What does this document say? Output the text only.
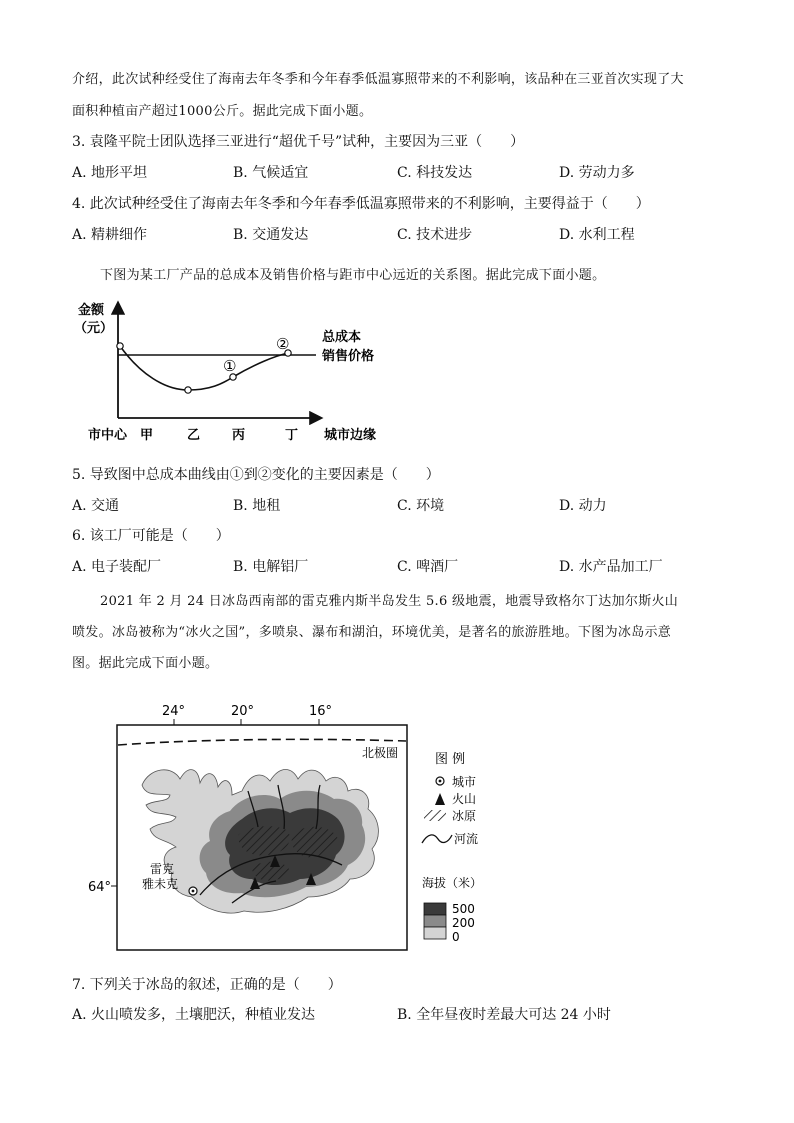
介绍，此次试种经受住了海南去年冬季和今年春季低温寡照带来的不利影响，该品种在三亚首次实现了大
面积种植亩产超过1000公斤。据此完成下面小题。
3. 袁隆平院士团队选择三亚进行“超优千号”试种，主要因为三亚（　　）
A. 地形平坦	B. 气候适宜	C. 科技发达	D. 劳动力多
4. 此次试种经受住了海南去年冬季和今年春季低温寡照带来的不利影响，主要得益于（　　）
A. 精耕细作	B. 交通发达	C. 技术进步	D. 水利工程
下图为某工厂产品的总成本及销售价格与距市中心远近的关系图。据此完成下面小题。
金额
（元）
①
②	总成本
销售价格
市中心 甲	乙 丙	丁 城市边缘
5. 导致图中总成本曲线由①到②变化的主要因素是（　　）
A. 交通	B. 地租	C. 环境	D. 动力
6. 该工厂可能是（　　）
A. 电子装配厂	B. 电解铝厂	C. 啤酒厂	D. 水产品加工厂
2021 年 2 月 24 日冰岛西南部的雷克雅内斯半岛发生 5.6 级地震，地震导致格尔丁达加尔斯火山
喷发。冰岛被称为“冰火之国”，多喷泉、瀑布和湖泊，环境优美，是著名的旅游胜地。下图为冰岛示意
图。据此完成下面小题。
24°	20°	16°
北极圈
雷克
雅未克
64°
图 例
城市
火山
冰原
河流
海拔（米）
500
200
0
7. 下列关于冰岛的叙述，正确的是（　　）
A. 火山喷发多，土壤肥沃，种植业发达	B. 全年昼夜时差最大可达 24 小时
